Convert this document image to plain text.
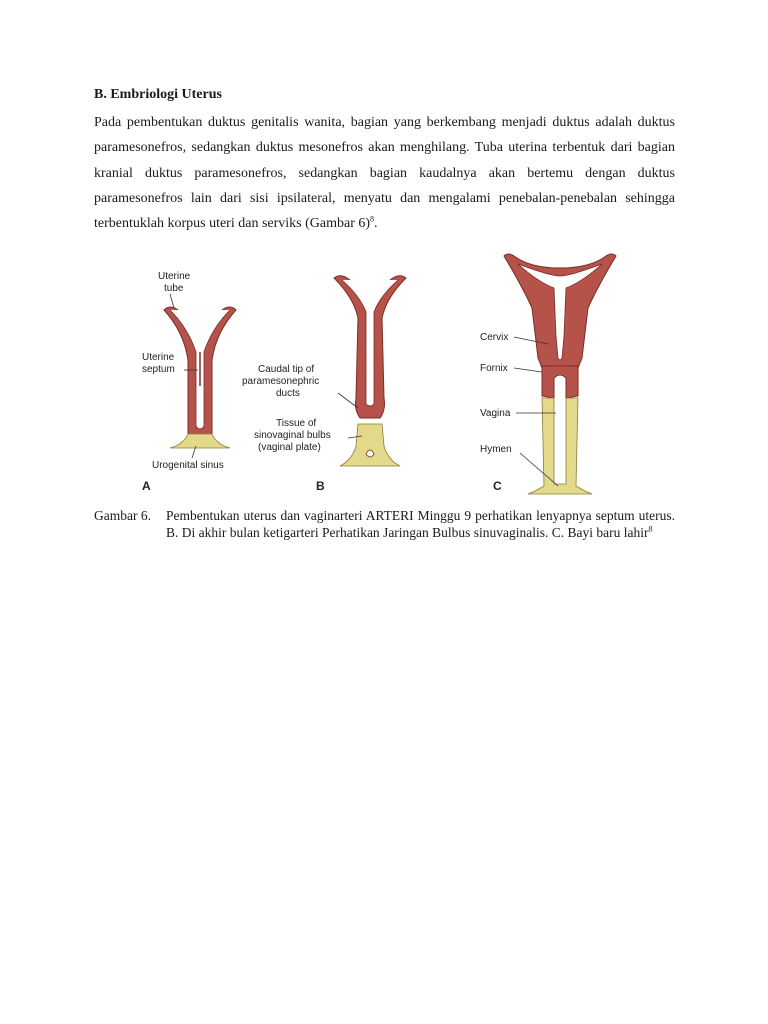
B. Embriologi Uterus

Pada pembentukan duktus genitalis wanita, bagian yang berkembang menjadi duktus adalah duktus paramesonefros, sedangkan duktus mesonefros akan menghilang. Tuba uterina terbentuk dari bagian kranial duktus paramesonefros, sedangkan bagian kaudalnya akan bertemu dengan duktus paramesonefros lain dari sisi ipsilateral, menyatu dan mengalami penebalan-penebalan sehingga terbentuklah korpus uteri dan serviks (Gambar 6)$^8$.

Uterine
tube
Uterine
septum
Urogenital sinus
A
Caudal tip of
paramesonephric
ducts
Tissue of
sinovaginal bulbs
(vaginal plate)
B
Cervix
Fornix
Vagina
Hymen
C
Gambar 6. Pembentukan uterus dan vaginarteri ARTERI Minggu 9 perhatikan lenyapnya septum uterus. B. Di akhir bulan ketigarteri Perhatikan Jaringan Bulbus sinuvaginalis. C. Bayi baru lahir$^8$
